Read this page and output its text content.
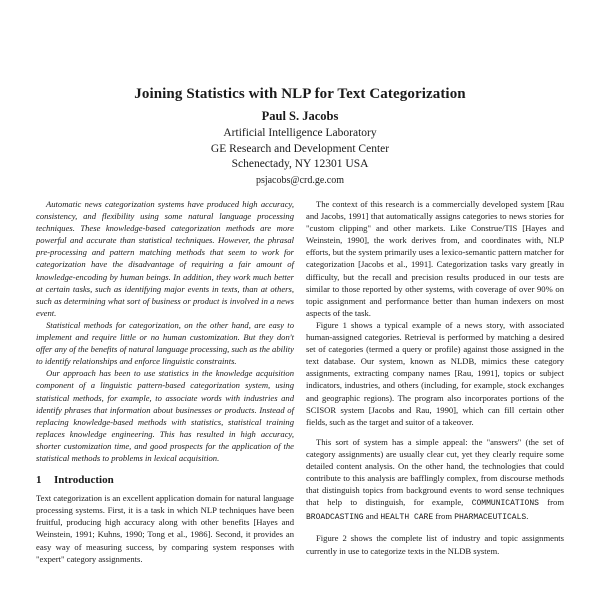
Joining Statistics with NLP for Text Categorization
Paul S. Jacobs
Artificial Intelligence Laboratory
GE Research and Development Center
Schenectady, NY 12301 USA
psjacobs@crd.ge.com

Automatic news categorization systems have produced high accuracy, consistency, and flexibility using some natural language processing techniques. These knowledge-based categorization methods are more powerful and accurate than statistical techniques. However, the phrasal pre-processing and pattern matching methods that seem to work for categorization have the disadvantage of requiring a fair amount of knowledge-encoding by human beings. In addition, they work much better at certain tasks, such as identifying major events in texts, than at others, such as determining what sort of business or product is involved in a news event.

Statistical methods for categorization, on the other hand, are easy to implement and require little or no human customization. But they don't offer any of the benefits of natural language processing, such as the ability to identify relationships and enforce linguistic constraints.

Our approach has been to use statistics in the knowledge acquisition component of a linguistic pattern-based categorization system, using statistical methods, for example, to associate words with industries and identify phrases that information about businesses or products. Instead of replacing knowledge-based methods with statistics, statistical training replaces knowledge engineering. This has resulted in high accuracy, shorter customization time, and good prospects for the application of the statistical methods to problems in lexical acquisition.

1 Introduction

Text categorization is an excellent application domain for natural language processing systems. First, it is a task in which NLP techniques have been fruitful, producing high accuracy along with other benefits [Hayes and Weinstein, 1991; Kuhns, 1990; Tong et al., 1986]. Second, it provides an easy way of measuring success, by comparing system responses with "expert" category assignments.

The context of this research is a commercially developed system [Rau and Jacobs, 1991] that automatically assigns categories to news stories for "custom clipping" and other markets. Like Construe/TIS [Hayes and Weinstein, 1990], the work derives from, and coordinates with, NLP efforts, but the system primarily uses a lexico-semantic pattern matcher for categorization [Jacobs et al., 1991]. Categorization tasks vary greatly in difficulty, but the recall and precision results produced in our tests are similar to those reported by other systems, with coverage of over 90% on topic assignment and performance better than human indexers on most aspects of the task.

Figure 1 shows a typical example of a news story, with associated human-assigned categories. Retrieval is performed by matching a desired set of categories (termed a query or profile) against those assigned in the text database. Our system, known as NLDB, mimics these category assignments, extracting company names [Rau, 1991], topics or subject indicators, industries, and others (including, for example, stock exchanges and geographic regions). The program also incorporates portions of the SCISOR system [Jacobs and Rau, 1990], which can fill certain other fields, such as the target and suitor of a takeover.

This sort of system has a simple appeal: the "answers" (the set of category assignments) are usually clear cut, yet they clearly require some detailed content analysis. On the other hand, the technologies that could contribute to this analysis are bafflingly complex, from discourse methods that distinguish topics from background events to word sense techniques that help to distinguish, for example, COMMUNICATIONS from BROADCASTING and HEALTH CARE from PHARMACEUTICALS.

Figure 2 shows the complete list of industry and topic assignments currently in use to categorize texts in the NLDB system.
